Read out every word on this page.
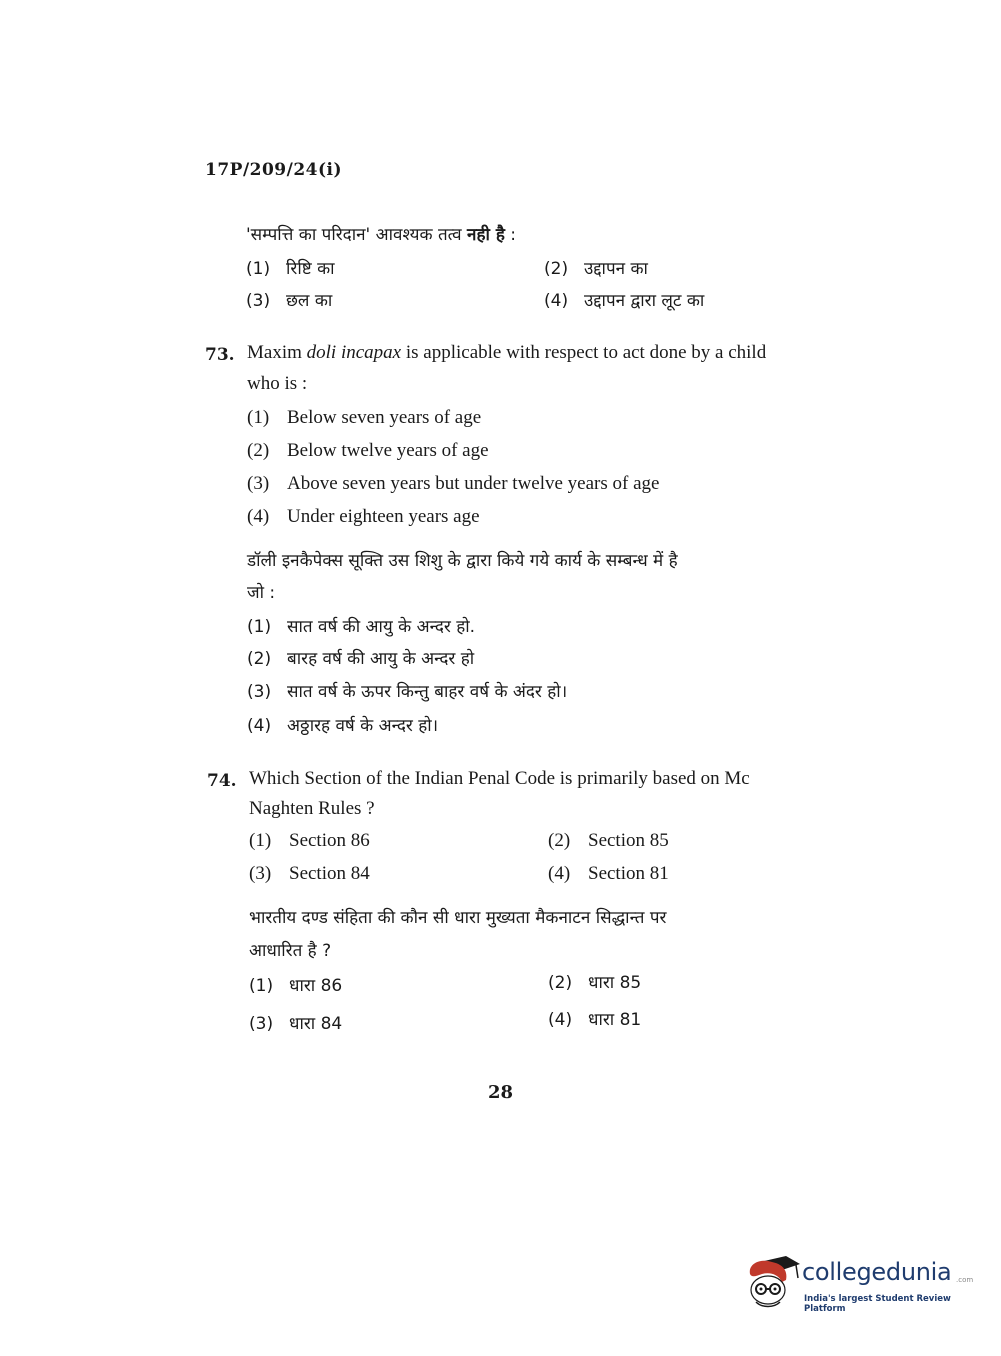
17P/209/24(i)
'सम्पत्ति का परिदान' आवश्यक तत्व नही है :
(1) रिष्टि का	(2) उद्दापन का
(3) छल का	(4) उद्दापन द्वारा लूट का
73. Maxim doli incapax is applicable with respect to act done by a child
who is :
(1) Below seven years of age
(2) Below twelve years of age
(3) Above seven years but under twelve years of age
(4) Under eighteen years age
डॉली इनकैपेक्स सूक्ति उस शिशु के द्वारा किये गये कार्य के सम्बन्ध में है
जो :
(1) सात वर्ष की आयु के अन्दर हो.
(2) बारह वर्ष की आयु के अन्दर हो
(3) सात वर्ष के ऊपर किन्तु बाहर वर्ष के अंदर हो।
(4) अठ्ठारह वर्ष के अन्दर हो।
74. Which Section of the Indian Penal Code is primarily based on Mc
Naghten Rules ?
(1) Section 86	(2) Section 85
(3) Section 84	(4) Section 81
भारतीय दण्ड संहिता की कौन सी धारा मुख्यता मैकनाटन सिद्धान्त पर
आधारित है ?
(1) धारा 86	(2) धारा 85
(3) धारा 84	(4) धारा 81
28
collegedunia .com
India's largest Student Review Platform
